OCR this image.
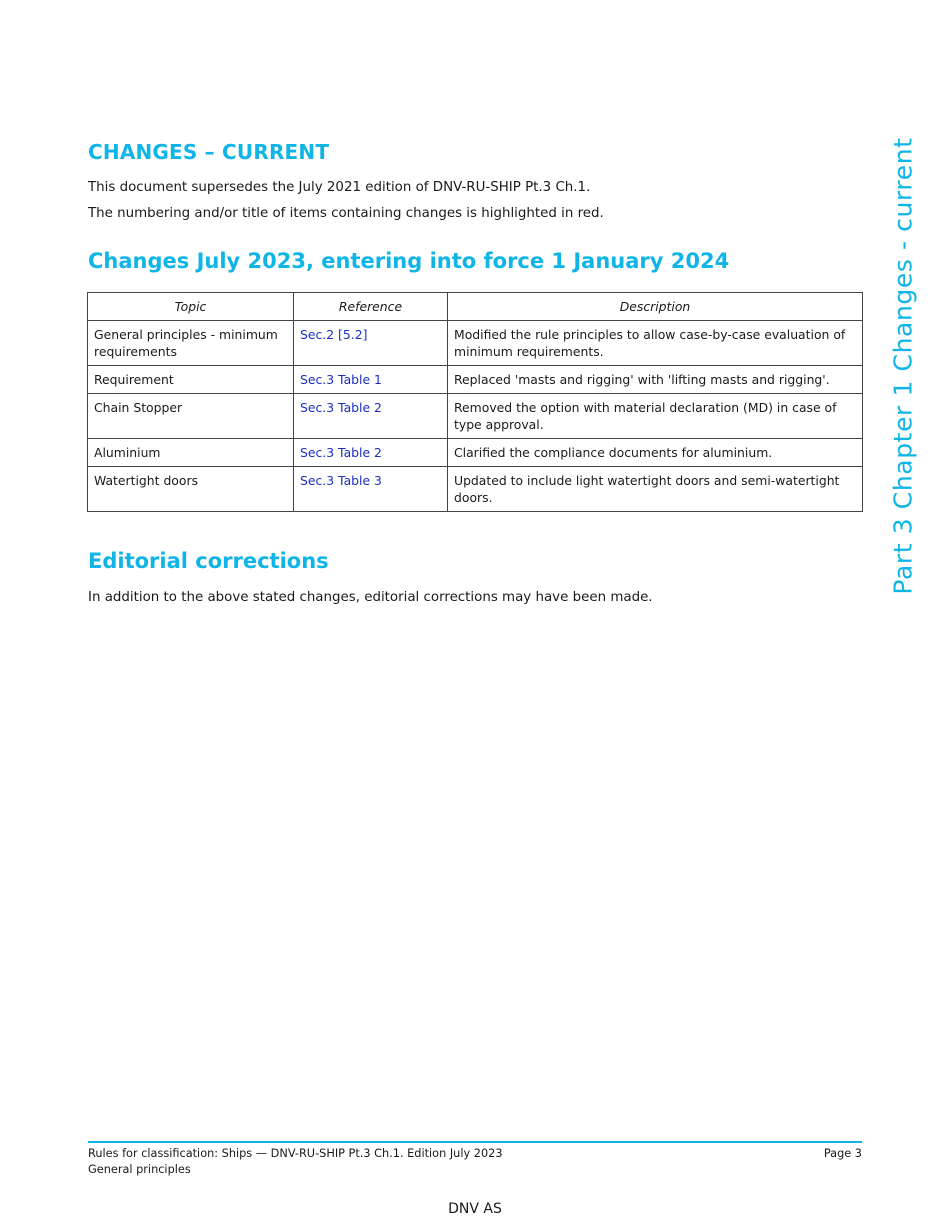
CHANGES – CURRENT

This document supersedes the July 2021 edition of DNV-RU-SHIP Pt.3 Ch.1.

The numbering and/or title of items containing changes is highlighted in red.

Changes July 2023, entering into force 1 January 2024
Topic	Reference	Description
General principles - minimum requirements	Sec.2 [5.2]	Modified the rule principles to allow case-by-case evaluation of minimum requirements.
Requirement	Sec.3 Table 1	Replaced 'masts and rigging' with 'lifting masts and rigging'.
Chain Stopper	Sec.3 Table 2	Removed the option with material declaration (MD) in case of type approval.
Aluminium	Sec.3 Table 2	Clarified the compliance documents for aluminium.
Watertight doors	Sec.3 Table 3	Updated to include light watertight doors and semi-watertight doors.
Editorial corrections

In addition to the above stated changes, editorial corrections may have been made.

Part 3 Chapter 1 Changes - current

Rules for classification: Ships — DNV-RU-SHIP Pt.3 Ch.1. Edition July 2023

General principles

Page 3

DNV AS
